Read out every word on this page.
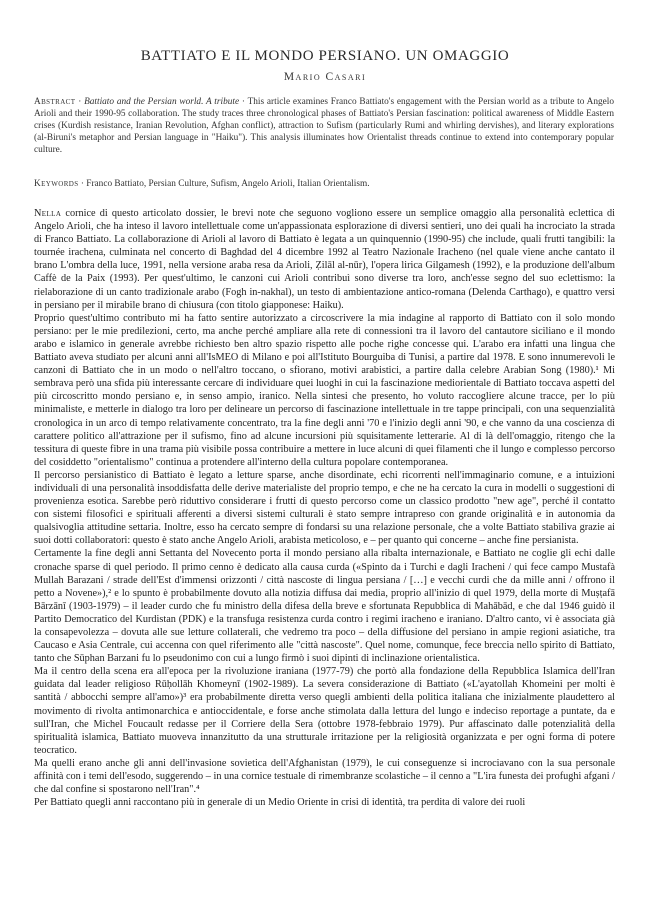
BATTIATO E IL MONDO PERSIANO. UN OMAGGIO
Mario Casari
Abstract · Battiato and the Persian world. A tribute · This article examines Franco Battiato's engagement with the Persian world as a tribute to Angelo Arioli and their 1990-95 collaboration. The study traces three chronological phases of Battiato's Persian fascination: political awareness of Middle Eastern crises (Kurdish resistance, Iranian Revolution, Afghan conflict), attraction to Sufism (particularly Rumi and whirling dervishes), and literary explorations (al-Biruni's metaphor and Persian language in "Haiku"). This analysis illuminates how Orientalist threads continue to extend into contemporary popular culture.
Keywords · Franco Battiato, Persian Culture, Sufism, Angelo Arioli, Italian Orientalism.

Nella cornice di questo articolato dossier, le brevi note che seguono vogliono essere un semplice omaggio alla personalità eclettica di Angelo Arioli, che ha inteso il lavoro intellettuale come un'appassionata esplorazione di diversi sentieri, uno dei quali ha incrociato la strada di Franco Battiato. La collaborazione di Arioli al lavoro di Battiato è legata a un quinquennio (1990-95) che include, quali frutti tangibili: la tournée irachena, culminata nel concerto di Baghdad del 4 dicembre 1992 al Teatro Nazionale Iracheno (nel quale viene anche cantato il brano L'ombra della luce, 1991, nella versione araba resa da Arioli, Ẓilāl al-nūr), l'opera lirica Gilgamesh (1992), e la produzione dell'album Caffè de la Paix (1993). Per quest'ultimo, le canzoni cui Arioli contribuì sono diverse tra loro, anch'esse segno del suo eclettismo: la rielaborazione di un canto tradizionale arabo (Fogh in-nakhal), un testo di ambientazione antico-romana (Delenda Carthago), e quattro versi in persiano per il mirabile brano di chiusura (con titolo giapponese: Haiku).

Proprio quest'ultimo contributo mi ha fatto sentire autorizzato a circoscrivere la mia indagine al rapporto di Battiato con il solo mondo persiano: per le mie predilezioni, certo, ma anche perché ampliare alla rete di connessioni tra il lavoro del cantautore siciliano e il mondo arabo e islamico in generale avrebbe richiesto ben altro spazio rispetto alle poche righe concesse qui. L'arabo era infatti una lingua che Battiato aveva studiato per alcuni anni all'IsMEO di Milano e poi all'Istituto Bourguiba di Tunisi, a partire dal 1978. E sono innumerevoli le canzoni di Battiato che in un modo o nell'altro toccano, o sfiorano, motivi arabistici, a partire dalla celebre Arabian Song (1980).¹ Mi sembrava però una sfida più interessante cercare di individuare quei luoghi in cui la fascinazione mediorientale di Battiato toccava aspetti del più circoscritto mondo persiano e, in senso ampio, iranico. Nella sintesi che presento, ho voluto raccogliere alcune tracce, per lo più minimaliste, e metterle in dialogo tra loro per delineare un percorso di fascinazione intellettuale in tre tappe principali, con una sequenzialità cronologica in un arco di tempo relativamente concentrato, tra la fine degli anni '70 e l'inizio degli anni '90, e che vanno da una coscienza di carattere politico all'attrazione per il sufismo, fino ad alcune incursioni più squisitamente letterarie. Al di là dell'omaggio, ritengo che la tessitura di queste fibre in una trama più visibile possa contribuire a mettere in luce alcuni di quei filamenti che il lungo e complesso percorso del cosiddetto "orientalismo" continua a protendere all'interno della cultura popolare contemporanea.

Il percorso persianistico di Battiato è legato a letture sparse, anche disordinate, echi ricorrenti nell'immaginario comune, e a intuizioni individuali di una personalità insoddisfatta delle derive materialiste del proprio tempo, e che ne ha cercato la cura in modelli o suggestioni di provenienza esotica. Sarebbe però riduttivo considerare i frutti di questo percorso come un classico prodotto "new age", perché il contatto con sistemi filosofici e spirituali afferenti a diversi sistemi culturali è stato sempre intrapreso con grande originalità e in autonomia da qualsivoglia attitudine settaria. Inoltre, esso ha cercato sempre di fondarsi su una relazione personale, che a volte Battiato stabiliva grazie ai suoi dotti collaboratori: questo è stato anche Angelo Arioli, arabista meticoloso, e – per quanto qui concerne – anche fine persianista.

Certamente la fine degli anni Settanta del Novecento porta il mondo persiano alla ribalta internazionale, e Battiato ne coglie gli echi dalle cronache sparse di quel periodo. Il primo cenno è dedicato alla causa curda («Spinto da i Turchi e dagli Iracheni / qui fece campo Mustafà Mullah Barazani / strade dell'Est d'immensi orizzonti / città nascoste di lingua persiana / […] e vecchi curdi che da mille anni / offrono il petto a Novene»),² e lo spunto è probabilmente dovuto alla notizia diffusa dai media, proprio all'inizio di quel 1979, della morte di Muṣṭafā Bārzānī (1903-1979) – il leader curdo che fu ministro della difesa della breve e sfortunata Repubblica di Mahābād, e che dal 1946 guidò il Partito Democratico del Kurdistan (PDK) e la transfuga resistenza curda contro i regimi iracheno e iraniano. D'altro canto, vi è associata già la consapevolezza – dovuta alle sue letture collaterali, che vedremo tra poco – della diffusione del persiano in ampie regioni asiatiche, tra Caucaso e Asia Centrale, cui accenna con quel riferimento alle "città nascoste". Quel nome, comunque, fece breccia nello spirito di Battiato, tanto che Sūphan Barzani fu lo pseudonimo con cui a lungo firmò i suoi dipinti di inclinazione orientalistica.

Ma il centro della scena era all'epoca per la rivoluzione iraniana (1977-79) che portò alla fondazione della Repubblica Islamica dell'Iran guidata dal leader religioso Rūḥollāh Khomeynī (1902-1989). La severa considerazione di Battiato («L'ayatollah Khomeini per molti è santità / abbocchi sempre all'amo»)³ era probabilmente diretta verso quegli ambienti della politica italiana che inizialmente plaudettero al movimento di rivolta antimonarchica e antioccidentale, e forse anche stimolata dalla lettura del lungo e indeciso reportage a puntate, da e sull'Iran, che Michel Foucault redasse per il Corriere della Sera (ottobre 1978-febbraio 1979). Pur affascinato dalle potenzialità della spiritualità islamica, Battiato muoveva innanzitutto da una strutturale irritazione per la religiosità organizzata e per ogni forma di potere teocratico.

Ma quelli erano anche gli anni dell'invasione sovietica dell'Afghanistan (1979), le cui conseguenze si incrociavano con la sua personale affinità con i temi dell'esodo, suggerendo – in una cornice testuale di rimembranze scolastiche – il cenno a "L'ira funesta dei profughi afgani / che dal confine si spostarono nell'Iran".⁴

Per Battiato quegli anni raccontano più in generale di un Medio Oriente in crisi di identità, tra perdita di valore dei ruoli
